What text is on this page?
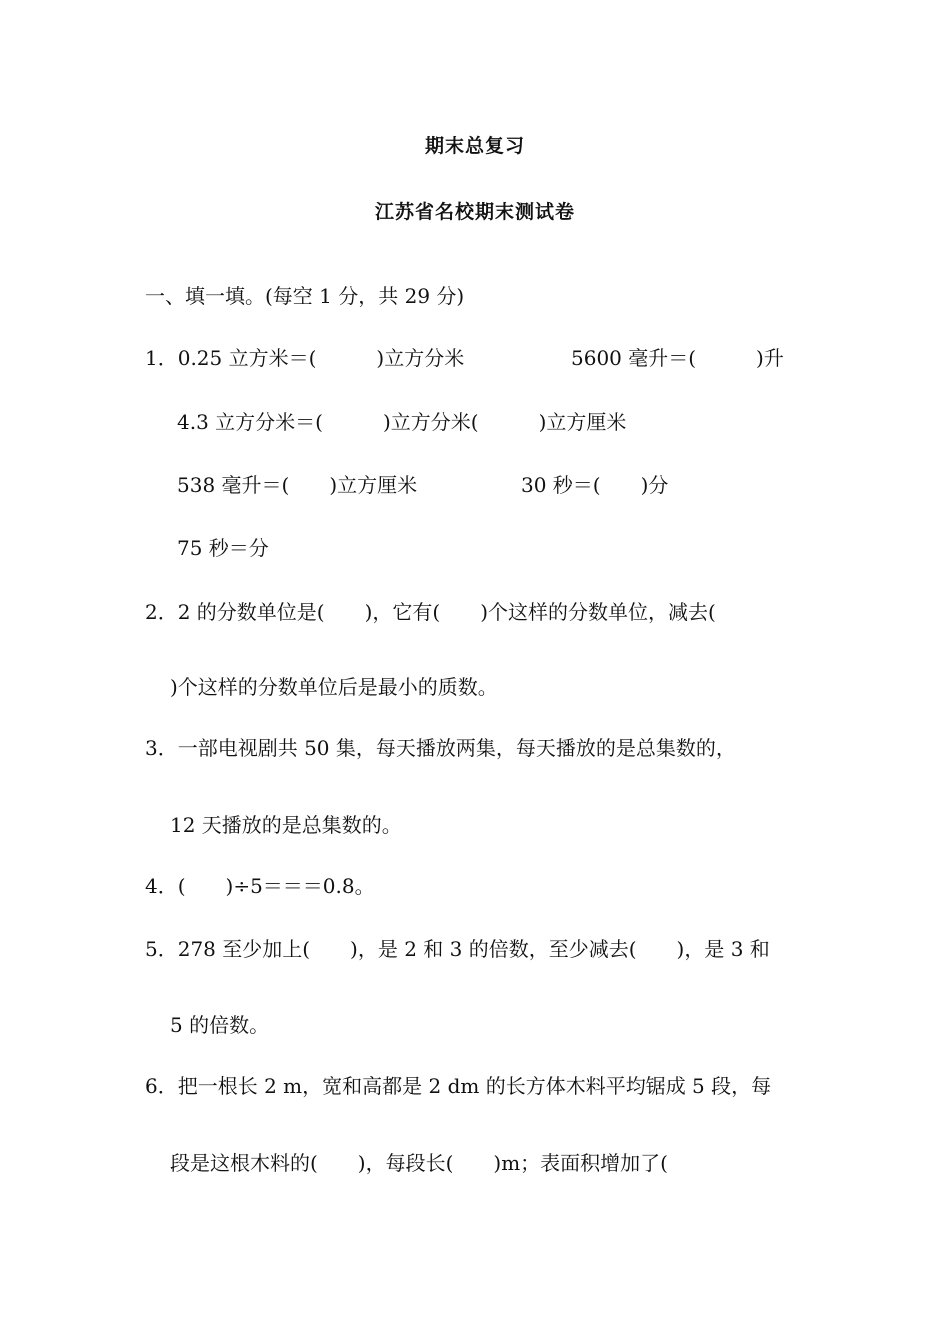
期末总复习
江苏省名校期末测试卷
一、填一填。(每空 1 分，共 29 分)
1．0.25 立方米＝(　　　)立方分米	5600 毫升＝(　　　)升
4.3 立方分米＝(　　　)立方分米(　　　)立方厘米
538 毫升＝(　　)立方厘米	30 秒＝(　　)分
75 秒＝分
2．2 的分数单位是(　　)，它有(　　)个这样的分数单位，减去(
)个这样的分数单位后是最小的质数。
3．一部电视剧共 50 集，每天播放两集，每天播放的是总集数的，
12 天播放的是总集数的。
4．(　　)÷5＝＝＝0.8。
5．278 至少加上(　　)，是 2 和 3 的倍数，至少减去(　　)，是 3 和
5 的倍数。
6．把一根长 2 m，宽和高都是 2 dm 的长方体木料平均锯成 5 段，每
段是这根木料的(　　)，每段长(　　)m；表面积增加了(
